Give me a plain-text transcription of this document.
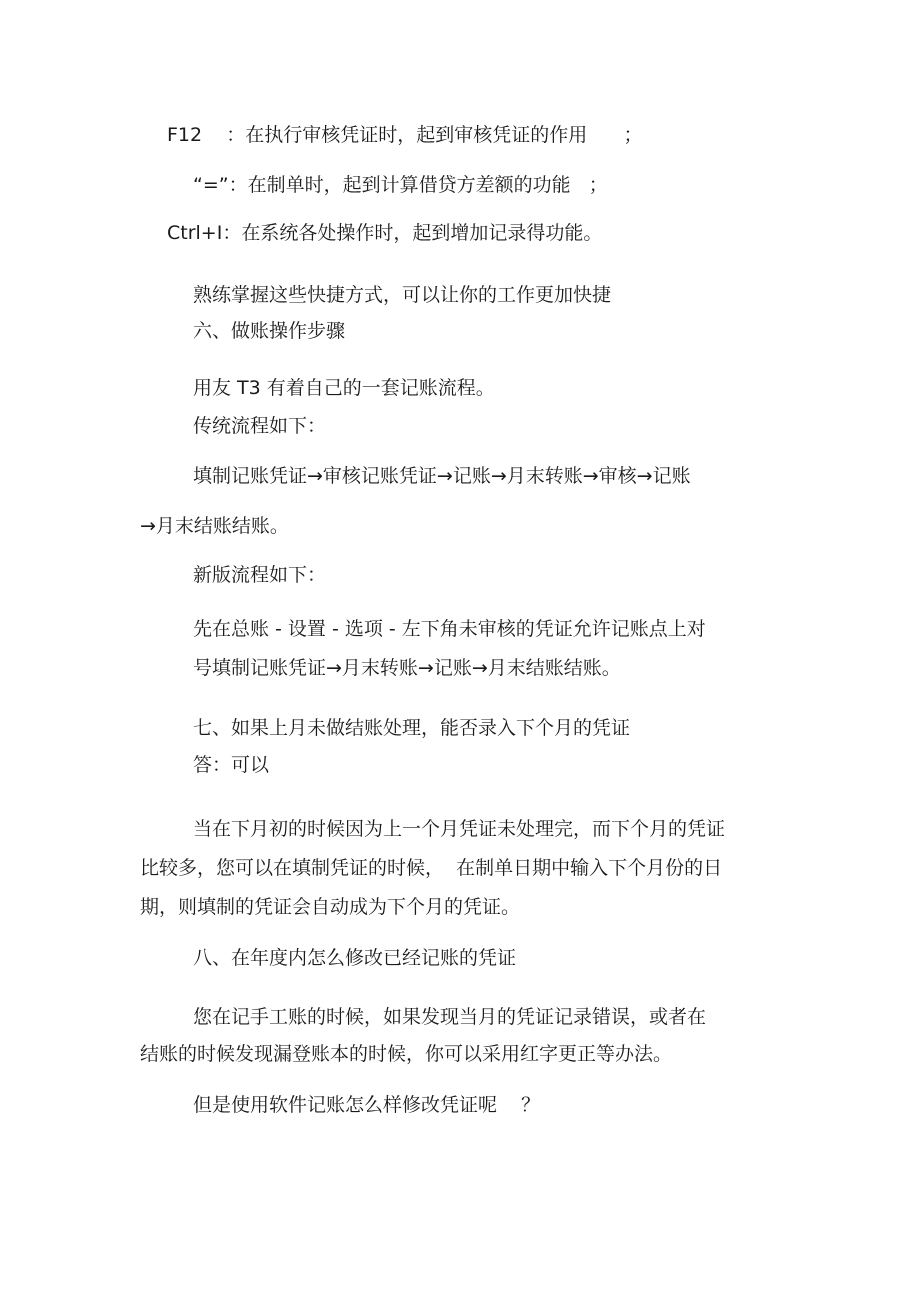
F12    ：在执行审核凭证时，起到审核凭证的作用      ；
“=”：在制单时，起到计算借贷方差额的功能   ；
Ctrl+I：在系统各处操作时，起到增加记录得功能。
熟练掌握这些快捷方式，可以让你的工作更加快捷
六、做账操作步骤
用友 T3 有着自己的一套记账流程。
传统流程如下：
填制记账凭证→审核记账凭证→记账→月末转账→审核→记账
→月末结账结账。
新版流程如下：
先在总账 - 设置 - 选项 - 左下角未审核的凭证允许记账点上对
号填制记账凭证→月末转账→记账→月末结账结账。
七、如果上月未做结账处理，能否录入下个月的凭证
答：可以
当在下月初的时候因为上一个月凭证未处理完，而下个月的凭证
比较多，您可以在填制凭证的时候，  在制单日期中输入下个月份的日
期，则填制的凭证会自动成为下个月的凭证。
八、在年度内怎么修改已经记账的凭证
您在记手工账的时候，如果发现当月的凭证记录错误，或者在
结账的时候发现漏登账本的时候，你可以采用红字更正等办法。
但是使用软件记账怎么样修改凭证呢    ？
